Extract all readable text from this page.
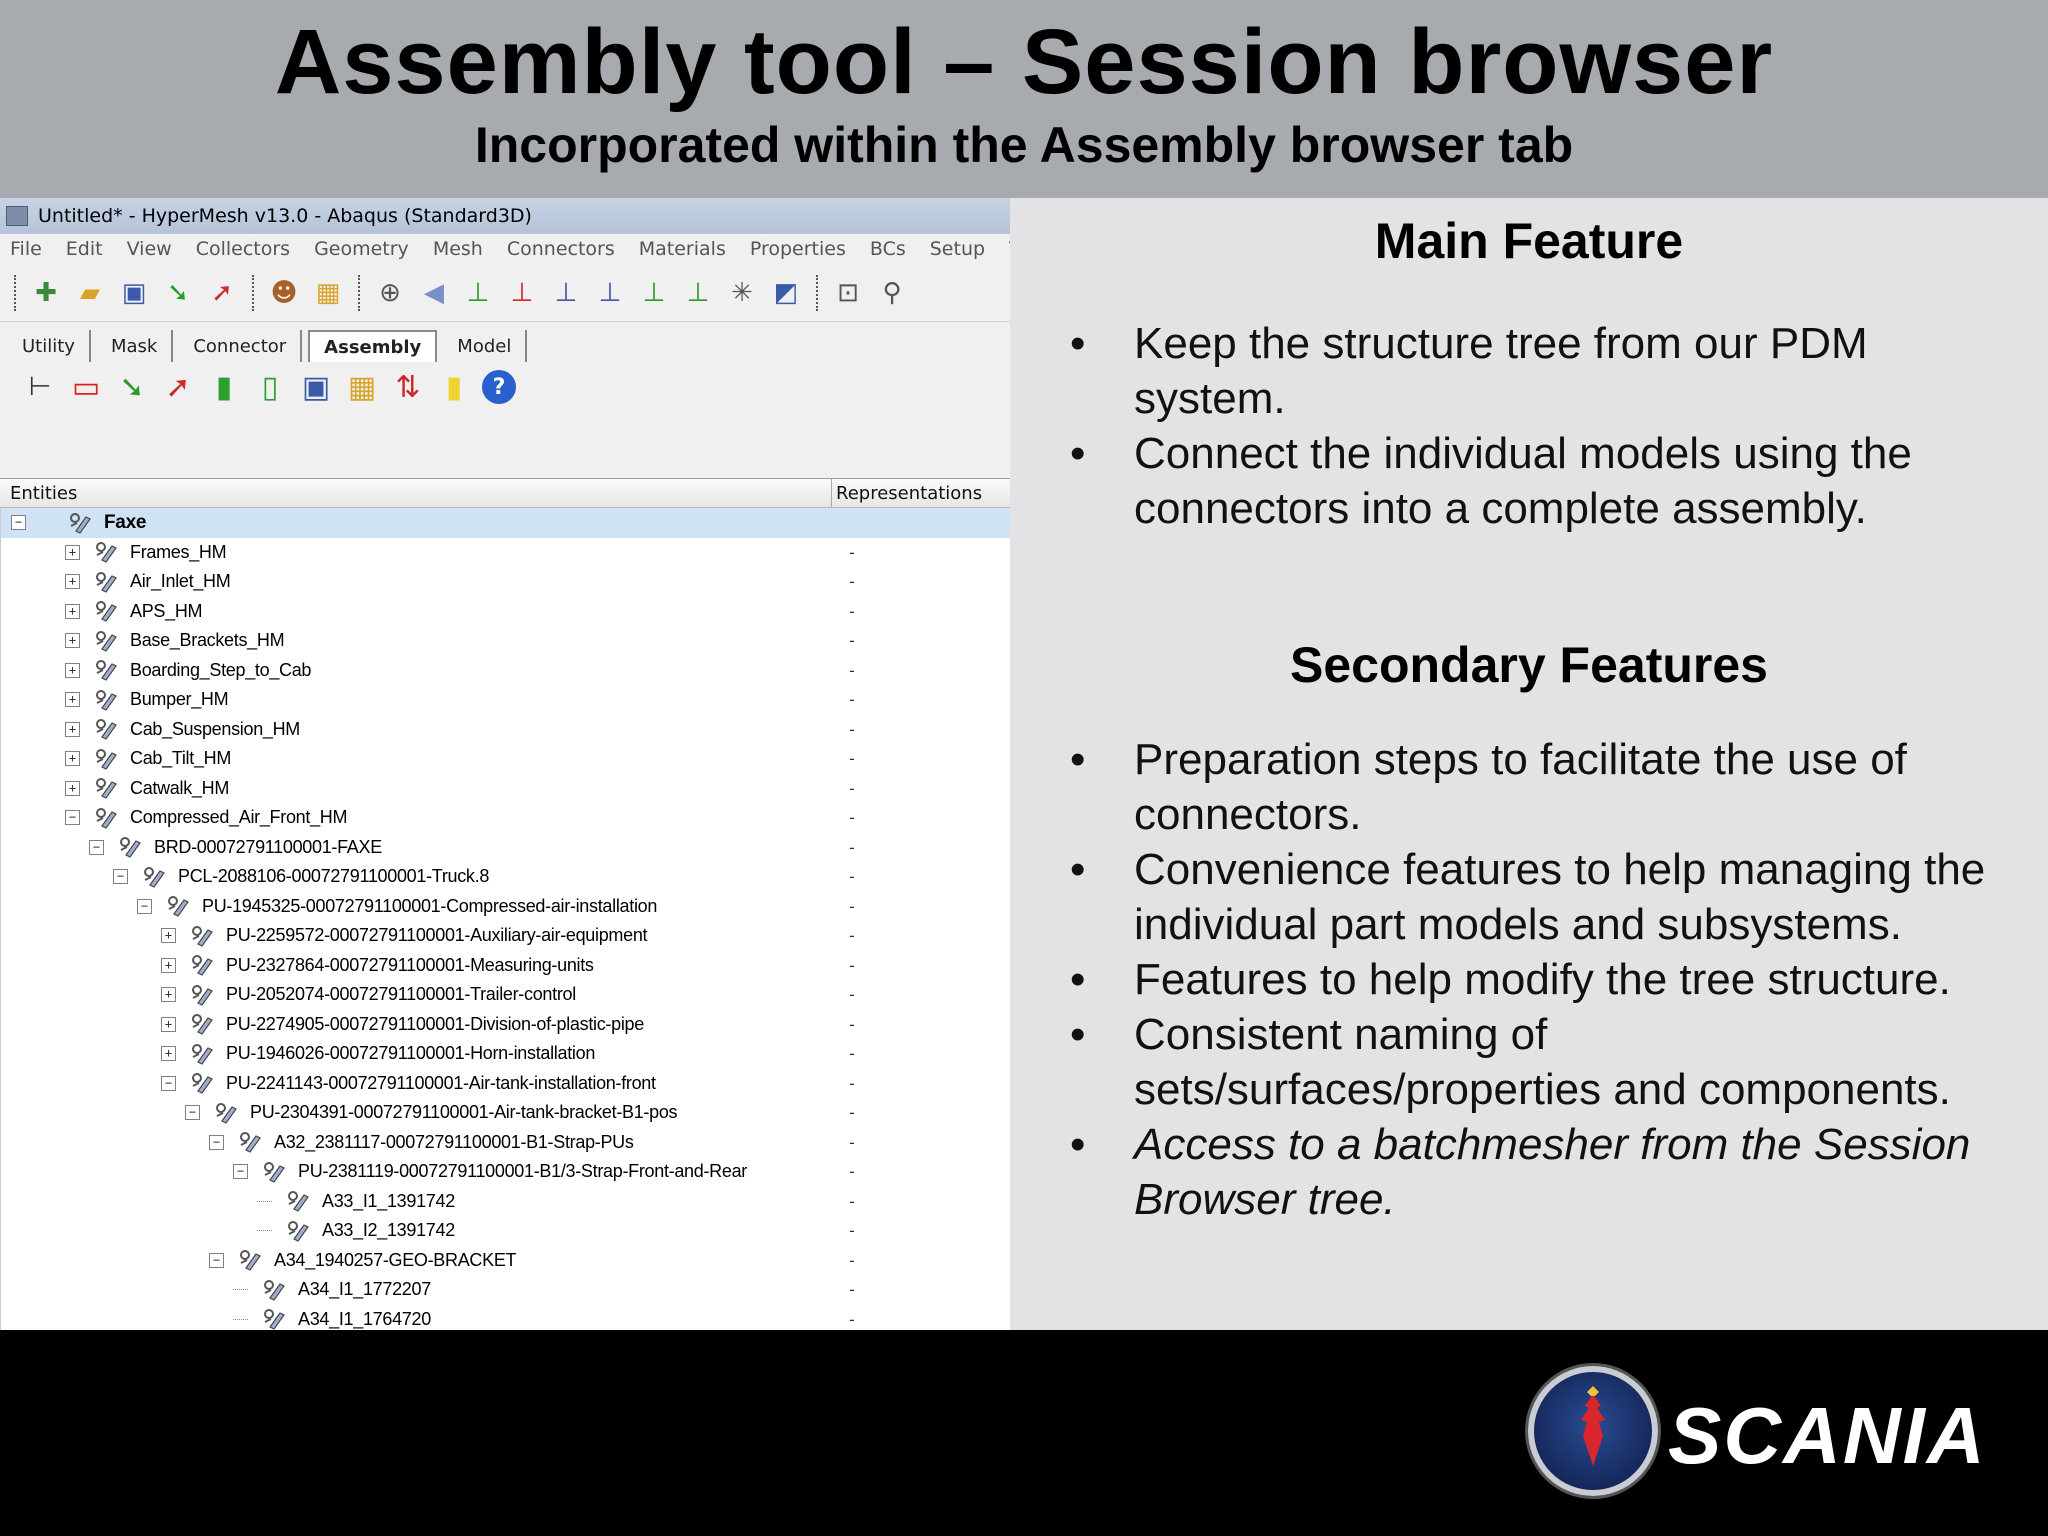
Assembly tool – Session browser
Incorporated within the Assembly browser tab
Untitled* - HyperMesh v13.0 - Abaqus (Standard3D)
File Edit View Collectors Geometry Mesh Connectors Materials Properties BCs Setup
✚ ▰ ▣ ➘ ➚ ☻ ▦ ⊕ ◀ ⊥ ⊥ ⊥ ⊥ ⊥ ⊥ ✳ ◩ ⊡ ⚲
Utility	Mask	Connector	Assembly	Model
⊢ ▭ ➘ ➚ ▮ ▯ ▣ ▦ ⇅ ▮	?
Entities	Representations
−	Faxe
+	Frames_HM	-
+	Air_Inlet_HM	-
+	APS_HM	-
+	Base_Brackets_HM	-
+	Boarding_Step_to_Cab	-
+	Bumper_HM	-
+	Cab_Suspension_HM	-
+	Cab_Tilt_HM	-
+	Catwalk_HM	-
−	Compressed_Air_Front_HM	-
−	BRD-00072791100001-FAXE	-
−	PCL-2088106-00072791100001-Truck.8	-
−	PU-1945325-00072791100001-Compressed-air-installation	-
+	PU-2259572-00072791100001-Auxiliary-air-equipment	-
+	PU-2327864-00072791100001-Measuring-units	-
+	PU-2052074-00072791100001-Trailer-control	-
+	PU-2274905-00072791100001-Division-of-plastic-pipe	-
+	PU-1946026-00072791100001-Horn-installation	-
−	PU-2241143-00072791100001-Air-tank-installation-front	-
−	PU-2304391-00072791100001-Air-tank-bracket-B1-pos	-
−	A32_2381117-00072791100001-B1-Strap-PUs	-
−	PU-2381119-00072791100001-B1/3-Strap-Front-and-Rear	-
A33_I1_1391742	-
A33_I2_1391742	-
−	A34_1940257-GEO-BRACKET	-
A34_I1_1772207	-
A34_I1_1764720	-
Main Feature
•	Keep the structure tree from our PDM system.
•	Connect the individual models using the connectors into a complete assembly.
Secondary Features
•	Preparation steps to facilitate the use of connectors.
•	Convenience features to help managing the individual part models and subsystems.
•	Features to help modify the tree structure.
•	Consistent naming of sets/surfaces/properties and components.
•	Access to a batchmesher from the Session Browser tree.
SCANIA
